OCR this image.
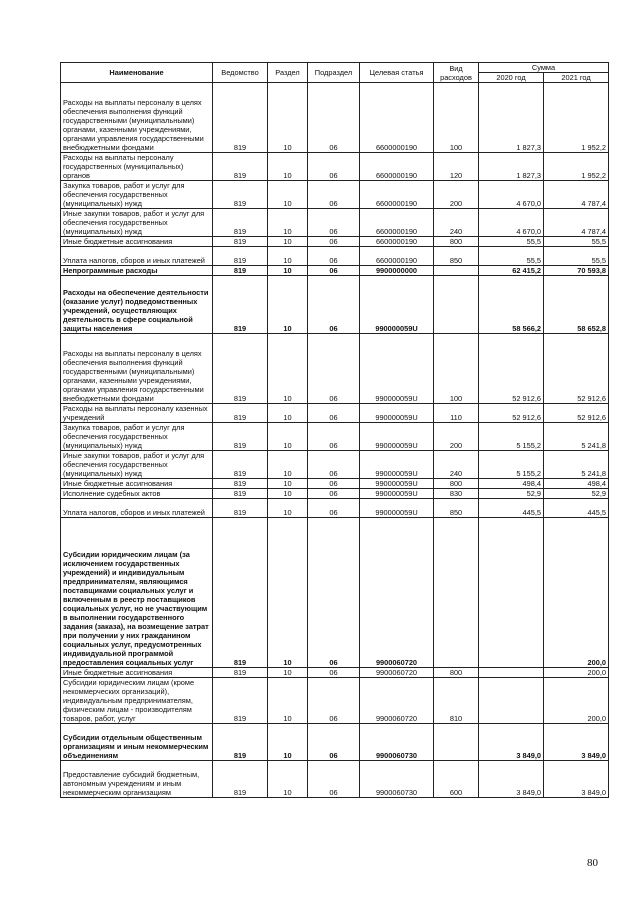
Наименование	Ведомство	Раздел	Подраздел	Целевая статья	Вид расходов	Сумма	
						2020 год	2021 год
Расходы на выплаты персоналу в целях обеспечения выполнения функций государственными (муниципальными) органами, казенными учреждениями, органами управления государственными внебюджетными фондами	819	10	06	6600000190	100	1 827,3	1 952,2
Расходы на выплаты персоналу государственных (муниципальных) органов	819	10	06	6600000190	120	1 827,3	1 952,2
Закупка товаров, работ и услуг для обеспечения государственных (муниципальных) нужд	819	10	06	6600000190	200	4 670,0	4 787,4
Иные закупки товаров, работ и услуг для обеспечения государственных (муниципальных) нужд	819	10	06	6600000190	240	4 670,0	4 787,4
Иные бюджетные ассигнования	819	10	06	6600000190	800	55,5	55,5
Уплата налогов, сборов и иных платежей	819	10	06	6600000190	850	55,5	55,5
Непрограммные расходы	819	10	06	9900000000		62 415,2	70 593,8
Расходы на обеспечение деятельности (оказание услуг) подведомственных учреждений, осуществляющих деятельность в сфере социальной защиты населения	819	10	06	990000059U		58 566,2	58 652,8
Расходы на выплаты персоналу в целях обеспечения выполнения функций государственными (муниципальными) органами, казенными учреждениями, органами управления государственными внебюджетными фондами	819	10	06	990000059U	100	52 912,6	52 912,6
Расходы на выплаты персоналу казенных учреждений	819	10	06	990000059U	110	52 912,6	52 912,6
Закупка товаров, работ и услуг для обеспечения государственных (муниципальных) нужд	819	10	06	990000059U	200	5 155,2	5 241,8
Иные закупки товаров, работ и услуг для обеспечения государственных (муниципальных) нужд	819	10	06	990000059U	240	5 155,2	5 241,8
Иные бюджетные ассигнования	819	10	06	990000059U	800	498,4	498,4
Исполнение судебных актов	819	10	06	990000059U	830	52,9	52,9
Уплата налогов, сборов и иных платежей	819	10	06	990000059U	850	445,5	445,5
Субсидии юридическим лицам (за исключением государственных учреждений) и индивидуальным предпринимателям, являющимся поставщиками социальных услуг и включенным в реестр поставщиков социальных услуг, но не участвующим в выполнении государственного задания (заказа), на возмещение затрат при получении у них гражданином социальных услуг, предусмотренных индивидуальной программой предоставления социальных услуг	819	10	06	9900060720			200,0
Иные бюджетные ассигнования	819	10	06	9900060720	800		200,0
Субсидии юридическим лицам (кроме некоммерческих организаций), индивидуальным предпринимателям, физическим лицам - производителям товаров, работ, услуг	819	10	06	9900060720	810		200,0
Субсидии отдельным общественным организациям и иным некоммерческим объединениям	819	10	06	9900060730		3 849,0	3 849,0
Предоставление субсидий бюджетным, автономным учреждениям и иным некоммерческим организациям	819	10	06	9900060730	600	3 849,0	3 849,0
80
